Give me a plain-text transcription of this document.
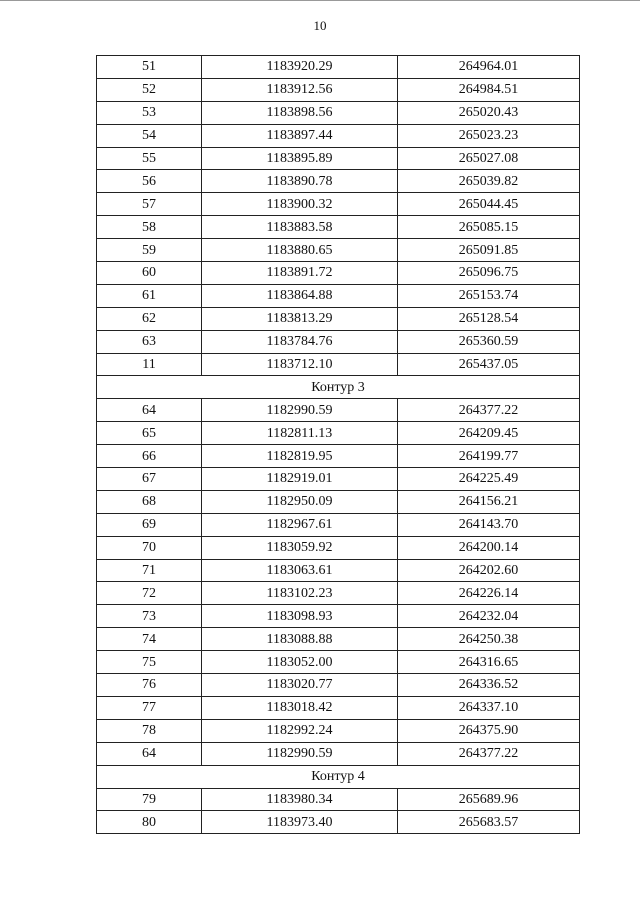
10
51	1183920.29	264964.01
52	1183912.56	264984.51
53	1183898.56	265020.43
54	1183897.44	265023.23
55	1183895.89	265027.08
56	1183890.78	265039.82
57	1183900.32	265044.45
58	1183883.58	265085.15
59	1183880.65	265091.85
60	1183891.72	265096.75
61	1183864.88	265153.74
62	1183813.29	265128.54
63	1183784.76	265360.59
11	1183712.10	265437.05
Контур 3		
64	1182990.59	264377.22
65	1182811.13	264209.45
66	1182819.95	264199.77
67	1182919.01	264225.49
68	1182950.09	264156.21
69	1182967.61	264143.70
70	1183059.92	264200.14
71	1183063.61	264202.60
72	1183102.23	264226.14
73	1183098.93	264232.04
74	1183088.88	264250.38
75	1183052.00	264316.65
76	1183020.77	264336.52
77	1183018.42	264337.10
78	1182992.24	264375.90
64	1182990.59	264377.22
Контур 4		
79	1183980.34	265689.96
80	1183973.40	265683.57
